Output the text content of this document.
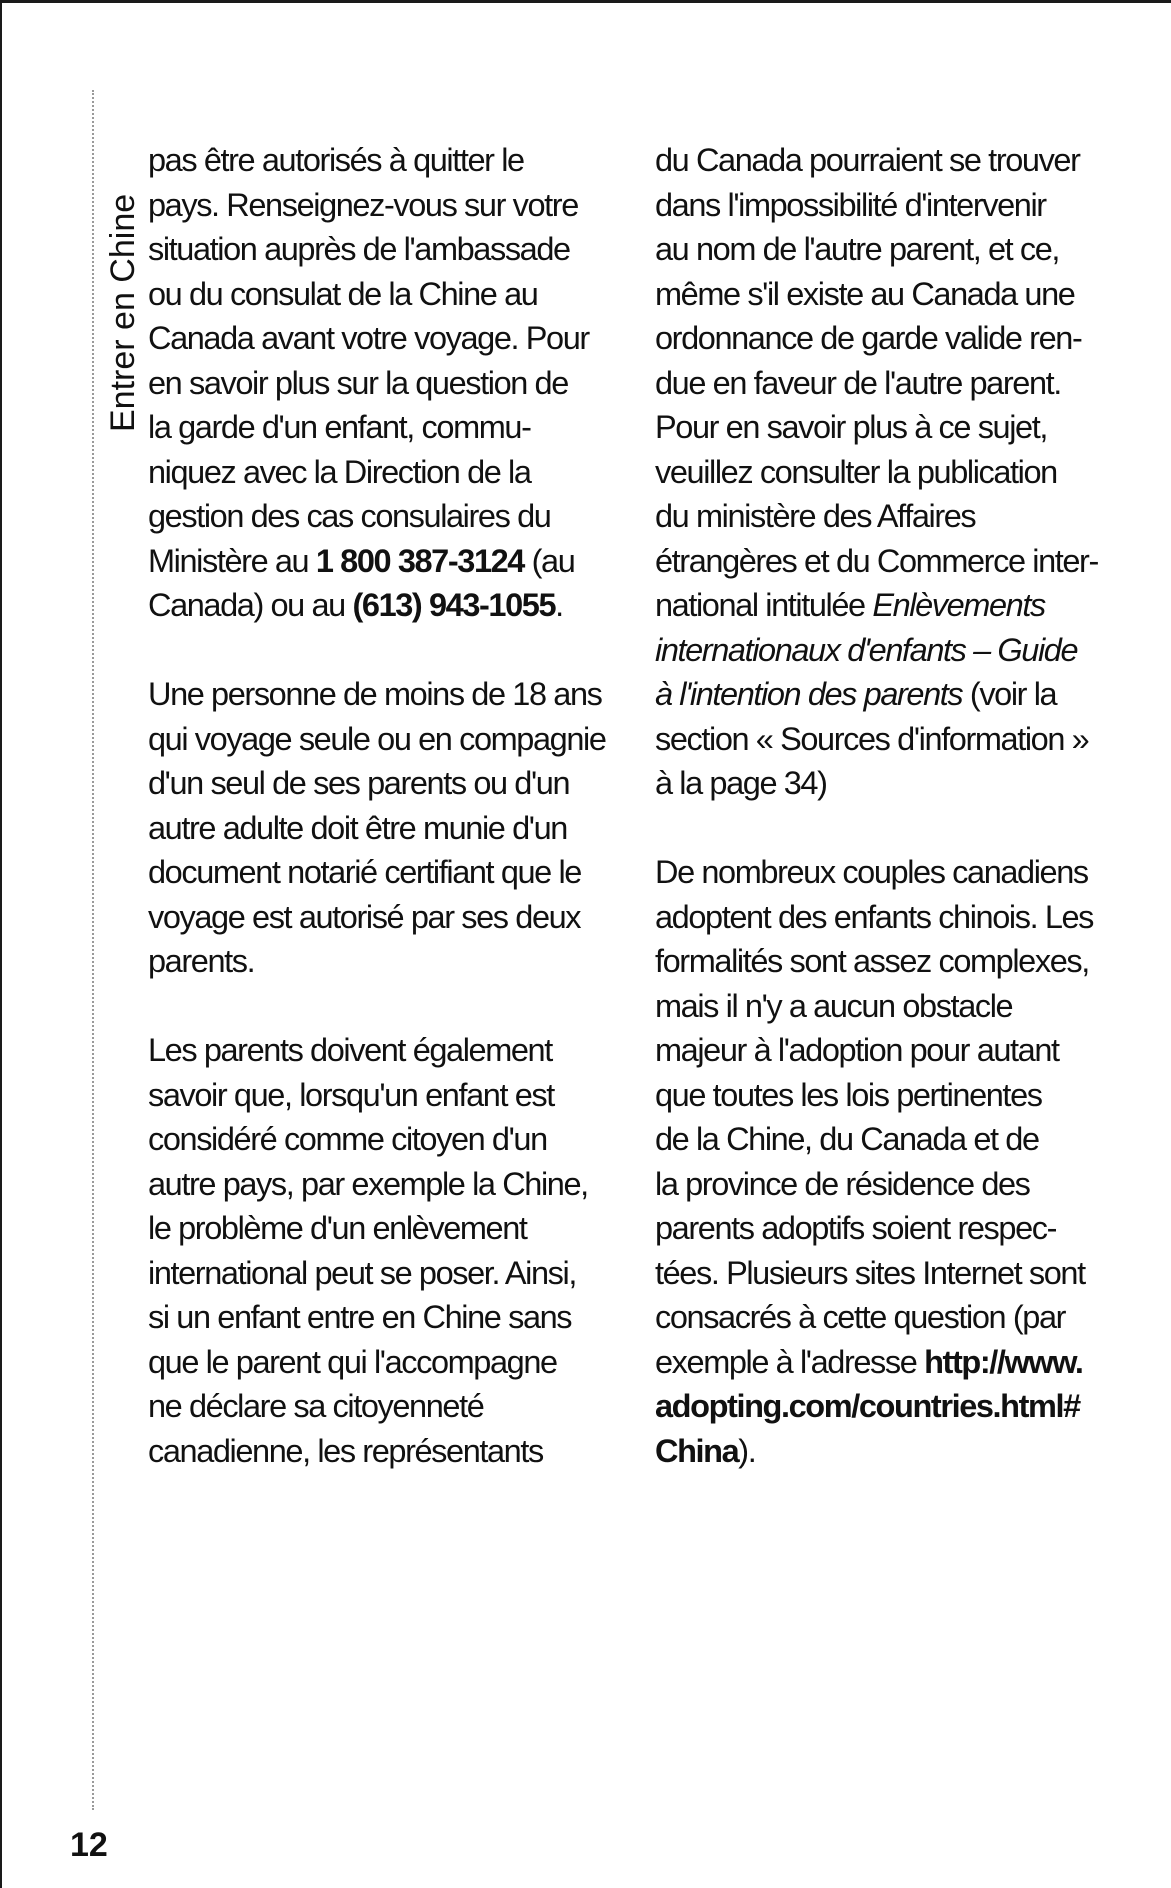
Entrer en Chine
12
pas être autorisés à quitter le
pays. Renseignez-vous sur votre
situation auprès de l'ambassade
ou du consulat de la Chine au
Canada avant votre voyage. Pour
en savoir plus sur la question de
la garde d'un enfant, commu-
niquez avec la Direction de la
gestion des cas consulaires du
Ministère au 1 800 387-3124 (au
Canada) ou au (613) 943-1055.
Une personne de moins de 18 ans
qui voyage seule ou en compagnie
d'un seul de ses parents ou d'un
autre adulte doit être munie d'un
document notarié certifiant que le
voyage est autorisé par ses deux
parents.
Les parents doivent également
savoir que, lorsqu'un enfant est
considéré comme citoyen d'un
autre pays, par exemple la Chine,
le problème d'un enlèvement
international peut se poser. Ainsi,
si un enfant entre en Chine sans
que le parent qui l'accompagne
ne déclare sa citoyenneté
canadienne, les représentants
du Canada pourraient se trouver
dans l'impossibilité d'intervenir
au nom de l'autre parent, et ce,
même s'il existe au Canada une
ordonnance de garde valide ren-
due en faveur de l'autre parent.
Pour en savoir plus à ce sujet,
veuillez consulter la publication
du ministère des Affaires
étrangères et du Commerce inter-
national intitulée Enlèvements
internationaux d'enfants – Guide
à l'intention des parents (voir la
section « Sources d'information »
à la page 34)
De nombreux couples canadiens
adoptent des enfants chinois. Les
formalités sont assez complexes,
mais il n'y a aucun obstacle
majeur à l'adoption pour autant
que toutes les lois pertinentes
de la Chine, du Canada et de
la province de résidence des
parents adoptifs soient respec-
tées. Plusieurs sites Internet sont
consacrés à cette question (par
exemple à l'adresse http://www.
adopting.com/countries.html#
China).
